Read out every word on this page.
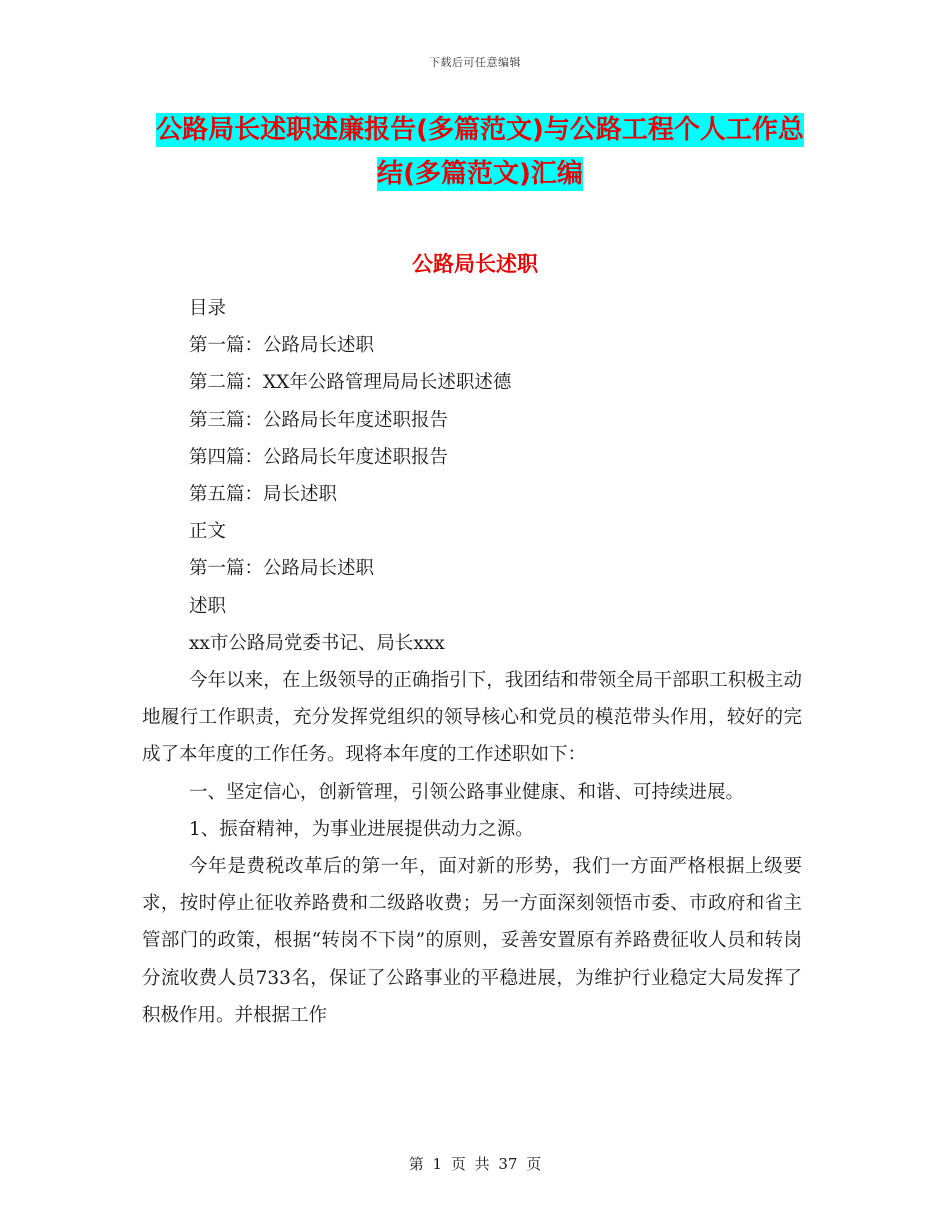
下载后可任意编辑
公路局长述职述廉报告(多篇范文)与公路工程个人工作总结(多篇范文)汇编
公路局长述职

目录

第一篇：公路局长述职

第二篇：XX年公路管理局局长述职述德

第三篇：公路局长年度述职报告

第四篇：公路局长年度述职报告

第五篇：局长述职

正文

第一篇：公路局长述职

述职

xx市公路局党委书记、局长xxx

今年以来，在上级领导的正确指引下，我团结和带领全局干部职工积极主动地履行工作职责，充分发挥党组织的领导核心和党员的模范带头作用，较好的完成了本年度的工作任务。现将本年度的工作述职如下：

一、坚定信心，创新管理，引领公路事业健康、和谐、可持续进展。

1、振奋精神，为事业进展提供动力之源。

今年是费税改革后的第一年，面对新的形势，我们一方面严格根据上级要求，按时停止征收养路费和二级路收费；另一方面深刻领悟市委、市政府和省主管部门的政策，根据“转岗不下岗”的原则，妥善安置原有养路费征收人员和转岗分流收费人员733名，保证了公路事业的平稳进展，为维护行业稳定大局发挥了积极作用。并根据工作

第 1 页 共 37 页
